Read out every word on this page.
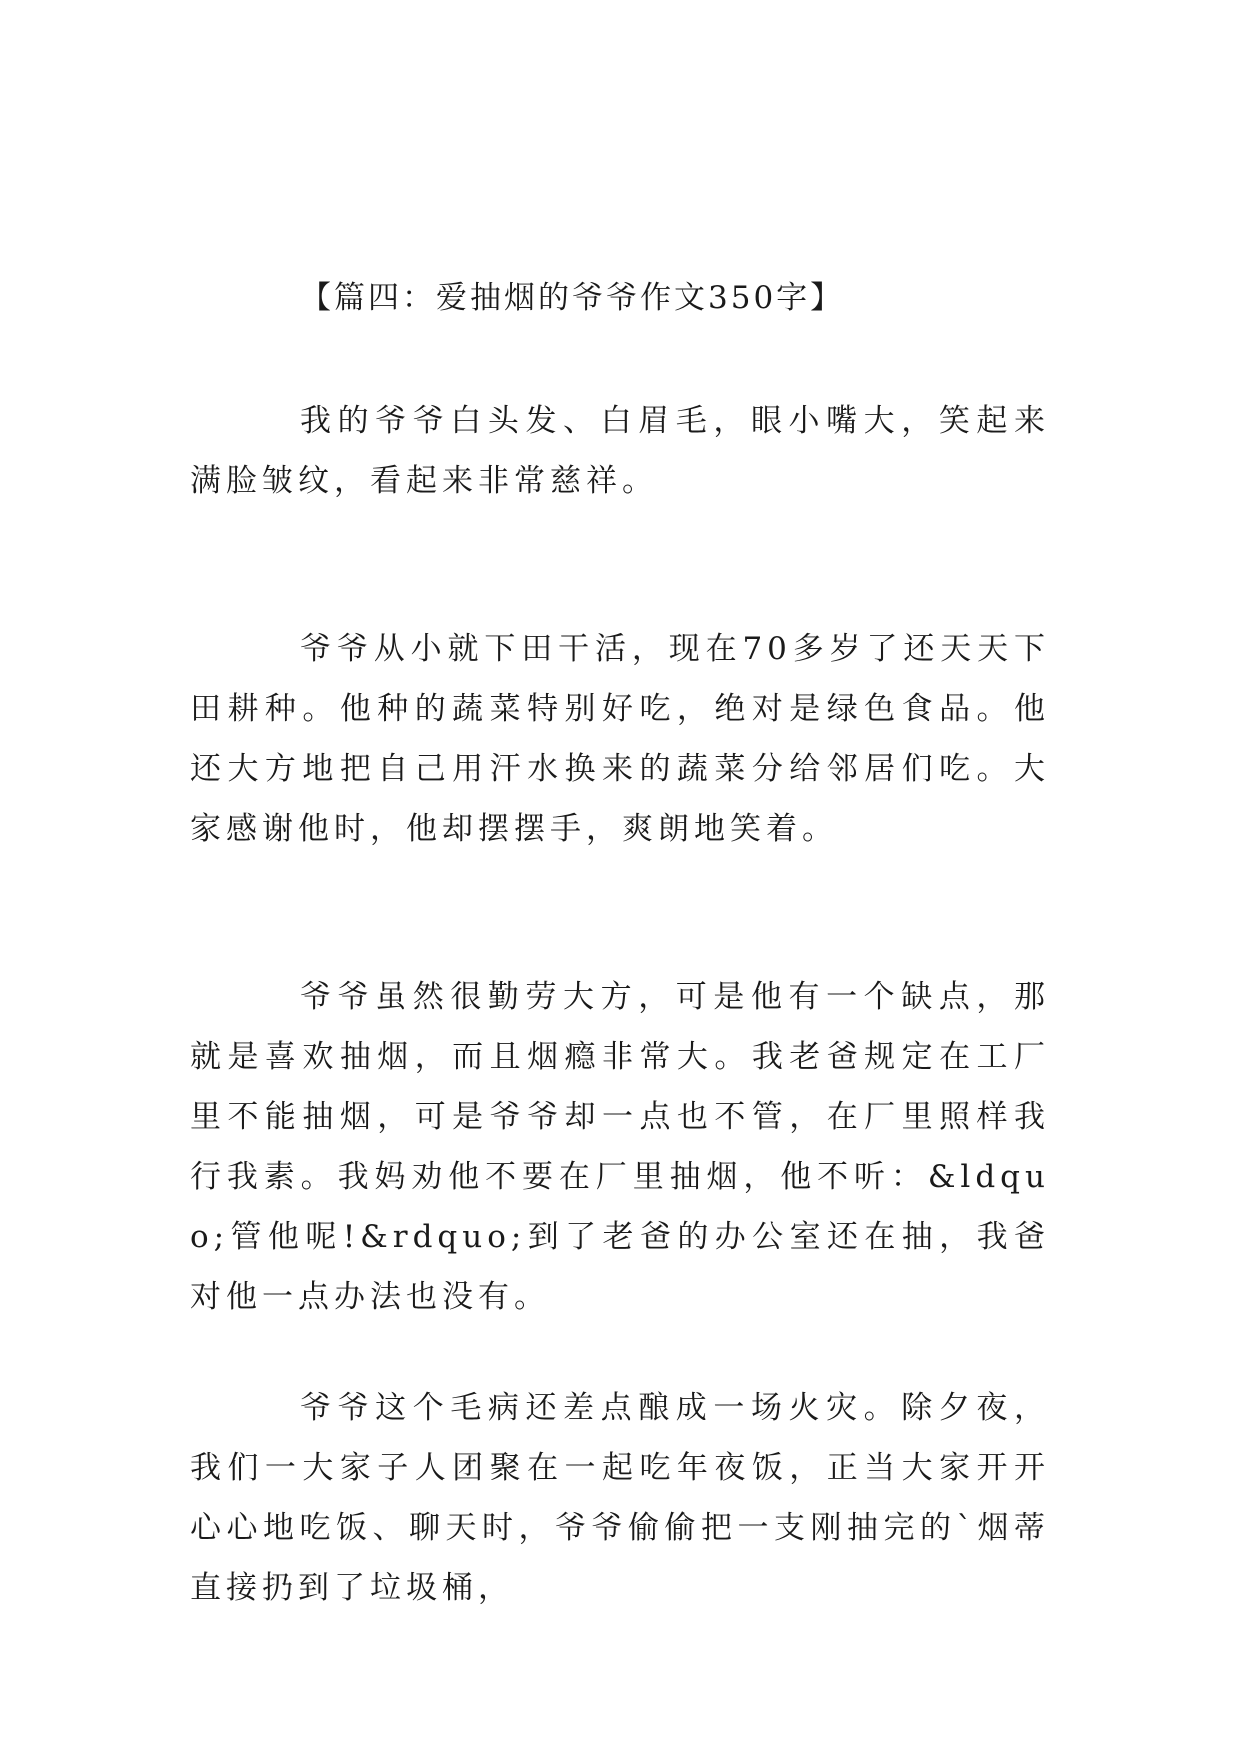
【篇四：爱抽烟的爷爷作文350字】

我的爷爷白头发、白眉毛，眼小嘴大，笑起来满脸皱纹，看起来非常慈祥。

爷爷从小就下田干活，现在70多岁了还天天下田耕种。他种的蔬菜特别好吃，绝对是绿色食品。他还大方地把自己用汗水换来的蔬菜分给邻居们吃。大家感谢他时，他却摆摆手，爽朗地笑着。

爷爷虽然很勤劳大方，可是他有一个缺点，那就是喜欢抽烟，而且烟瘾非常大。我老爸规定在工厂里不能抽烟，可是爷爷却一点也不管，在厂里照样我行我素。我妈劝他不要在厂里抽烟，他不听：&ldquo;管他呢!&rdquo;到了老爸的办公室还在抽，我爸对他一点办法也没有。

爷爷这个毛病还差点酿成一场火灾。除夕夜，我们一大家子人团聚在一起吃年夜饭，正当大家开开心心地吃饭、聊天时，爷爷偷偷把一支刚抽完的`烟蒂直接扔到了垃圾桶，
